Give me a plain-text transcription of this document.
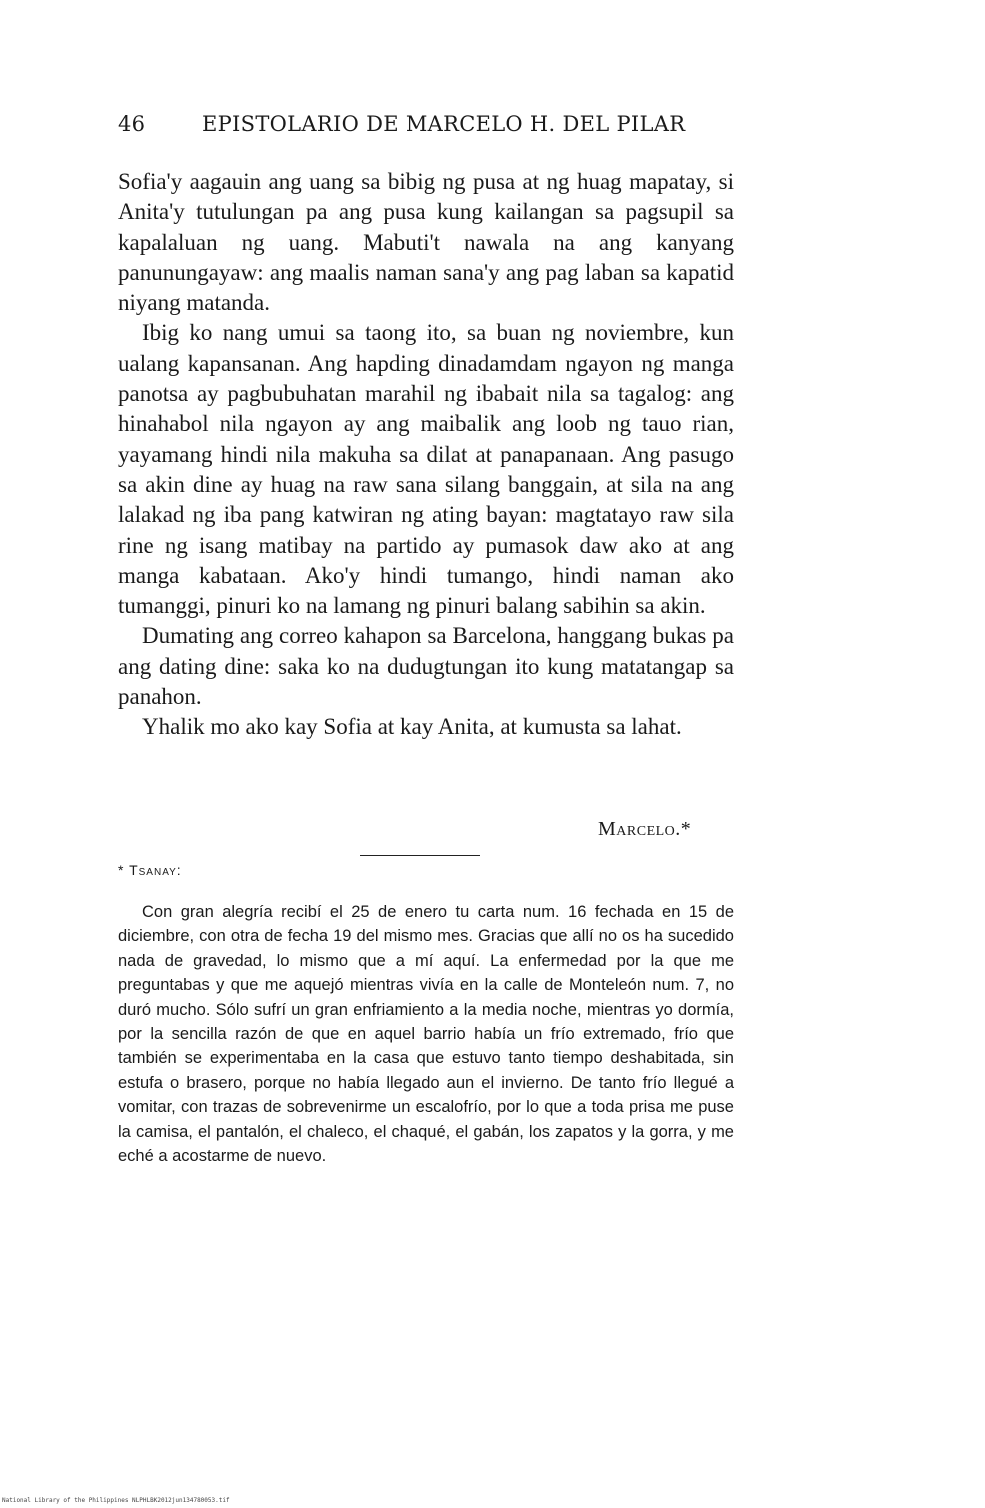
46	EPISTOLARIO DE MARCELO H. DEL PILAR

Sofia'y aagauin ang uang sa bibig ng pusa at ng huag mapatay, si Anita'y tutulungan pa ang pusa kung kailangan sa pagsupil sa kapalaluan ng uang. Mabuti't nawala na ang kanyang panunungayaw: ang maalis naman sana'y ang pag laban sa kapatid niyang matanda.

Ibig ko nang umui sa taong ito, sa buan ng noviembre, kun ualang kapansanan. Ang hapding dinadamdam ngayon ng manga panotsa ay pagbubuhatan marahil ng ibabait nila sa tagalog: ang hinahabol nila ngayon ay ang maibalik ang loob ng tauo rian, yayamang hindi nila makuha sa dilat at panapanaan. Ang pasugo sa akin dine ay huag na raw sana silang banggain, at sila na ang lalakad ng iba pang katwiran ng ating bayan: magtatayo raw sila rine ng isang matibay na partido ay pumasok daw ako at ang manga kabataan. Ako'y hindi tumango, hindi naman ako tumanggi, pinuri ko na lamang ng pinuri balang sabihin sa akin.

Dumating ang correo kahapon sa Barcelona, hanggang bukas pa ang dating dine: saka ko na dudugtungan ito kung matatangap sa panahon.

Yhalik mo ako kay Sofia at kay Anita, at kumusta sa lahat.

Marcelo.*
* Tsanay:

Con gran alegría recibí el 25 de enero tu carta num. 16 fechada en 15 de diciembre, con otra de fecha 19 del mismo mes. Gracias que allí no os ha sucedido nada de gravedad, lo mismo que a mí aquí. La enfermedad por la que me preguntabas y que me aquejó mientras vivía en la calle de Monteleón num. 7, no duró mucho. Sólo sufrí un gran enfriamiento a la media noche, mientras yo dormía, por la sencilla razón de que en aquel barrio había un frío extremado, frío que también se experimentaba en la casa que estuvo tanto tiempo deshabitada, sin estufa o brasero, porque no había llegado aun el invierno. De tanto frío llegué a vomitar, con trazas de sobrevenirme un escalofrío, por lo que a toda prisa me puse la camisa, el pantalón, el chaleco, el chaqué, el gabán, los zapatos y la gorra, y me eché a acostarme de nuevo.

National Library of the Philippines NLPHLBK2012jun134780053.tif
